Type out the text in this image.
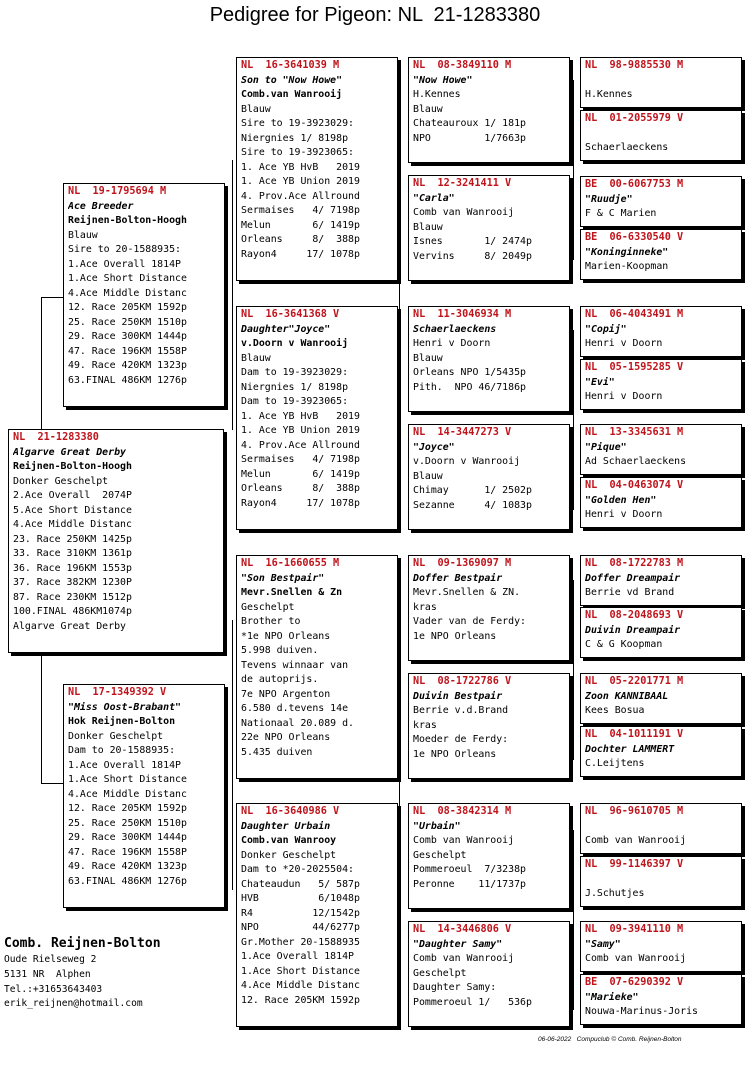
Pedigree for Pigeon: NL  21-1283380
NL  21-1283380
Algarve Great Derby
Reijnen-Bolton-Hoogh
Donker Geschelpt
2.Ace Overall  2074P
5.Ace Short Distance
4.Ace Middle Distanc
23. Race 250KM 1425p
33. Race 310KM 1361p
36. Race 196KM 1553p
37. Race 382KM 1230P
87. Race 230KM 1512p
100.FINAL 486KM1074p
Algarve Great Derby
NL  19-1795694 M
Ace Breeder
Reijnen-Bolton-Hoogh
Blauw
Sire to 20-1588935:
1.Ace Overall 1814P
1.Ace Short Distance
4.Ace Middle Distanc
12. Race 205KM 1592p
25. Race 250KM 1510p
29. Race 300KM 1444p
47. Race 196KM 1558P
49. Race 420KM 1323p
63.FINAL 486KM 1276p
NL  17-1349392 V
"Miss Oost-Brabant"
Hok Reijnen-Bolton
Donker Geschelpt
Dam to 20-1588935:
1.Ace Overall 1814P
1.Ace Short Distance
4.Ace Middle Distanc
12. Race 205KM 1592p
25. Race 250KM 1510p
29. Race 300KM 1444p
47. Race 196KM 1558P
49. Race 420KM 1323p
63.FINAL 486KM 1276p
NL  16-3641039 M
Son to "Now Howe"
Comb.van Wanrooij
Blauw
Sire to 19-3923029:
Niergnies 1/ 8198p
Sire to 19-3923065:
1. Ace YB HvB   2019
1. Ace YB Union 2019
4. Prov.Ace Allround
Sermaises   4/ 7198p
Melun       6/ 1419p
Orleans     8/  388p
Rayon4     17/ 1078p
NL  16-3641368 V
Daughter"Joyce"
v.Doorn v Wanrooij
Blauw
Dam to 19-3923029:
Niergnies 1/ 8198p
Dam to 19-3923065:
1. Ace YB HvB   2019
1. Ace YB Union 2019
4. Prov.Ace Allround
Sermaises   4/ 7198p
Melun       6/ 1419p
Orleans     8/  388p
Rayon4     17/ 1078p
NL  16-1660655 M
"Son Bestpair"
Mevr.Snellen & Zn
Geschelpt
Brother to
*1e NPO Orleans
5.998 duiven.
Tevens winnaar van
de autoprijs.
7e NPO Argenton
6.580 d.tevens 14e
Nationaal 20.089 d.
22e NPO Orleans
5.435 duiven
NL  16-3640986 V
Daughter Urbain
Comb.van Wanrooy
Donker Geschelpt
Dam to *20-2025504:
Chateaudun   5/ 587p
HVB          6/1048p
R4          12/1542p
NPO         44/6277p
Gr.Mother 20-1588935
1.Ace Overall 1814P
1.Ace Short Distance
4.Ace Middle Distanc
12. Race 205KM 1592p
NL  08-3849110 M
"Now Howe"
H.Kennes
Blauw
Chateauroux 1/ 181p
NPO         1/7663p
NL  12-3241411 V
"Carla"
Comb van Wanrooij
Blauw
Isnes       1/ 2474p
Vervins     8/ 2049p
NL  11-3046934 M
Schaerlaeckens
Henri v Doorn
Blauw
Orleans NPO 1/5435p
Pith.  NPO 46/7186p
NL  14-3447273 V
"Joyce"
v.Doorn v Wanrooij
Blauw
Chimay      1/ 2502p
Sezanne     4/ 1083p
NL  09-1369097 M
Doffer Bestpair
Mevr.Snellen & ZN.
kras
Vader van de Ferdy:
1e NPO Orleans
NL  08-1722786 V
Duivin Bestpair
Berrie v.d.Brand
kras
Moeder de Ferdy:
1e NPO Orleans
NL  08-3842314 M
"Urbain"
Comb van Wanrooij
Geschelpt
Pommeroeul  7/3238p
Peronne    11/1737p
NL  14-3446806 V
"Daughter Samy"
Comb van Wanrooij
Geschelpt
Daughter Samy:
Pommeroeul 1/   536p
NL  98-9885530 M
H.Kennes
NL  01-2055979 V
Schaerlaeckens
BE  00-6067753 M
"Ruudje"
F & C Marien
BE  06-6330540 V
"Koninginneke"
Marien-Koopman
NL  06-4043491 M
"Copij"
Henri v Doorn
NL  05-1595285 V
"Evi"
Henri v Doorn
NL  13-3345631 M
"Pique"
Ad Schaerlaeckens
NL  04-0463074 V
"Golden Hen"
Henri v Doorn
NL  08-1722783 M
Doffer Dreampair
Berrie vd Brand
NL  08-2048693 V
Duivin Dreampair
C & G Koopman
NL  05-2201771 M
Zoon KANNIBAAL
Kees Bosua
NL  04-1011191 V
Dochter LAMMERT
C.Leijtens
NL  96-9610705 M
Comb van Wanrooij
NL  99-1146397 V
J.Schutjes
NL  09-3941110 M
"Samy"
Comb van Wanrooij
BE  07-6290392 V
"Marieke"
Nouwa-Marinus-Joris
Comb. Reijnen-Bolton
Oude Rielseweg 2
5131 NR  Alphen
Tel.:+31653643403
erik_reijnen@hotmail.com
06-06-2022   Compuclub © Comb. Reijnen-Bolton
